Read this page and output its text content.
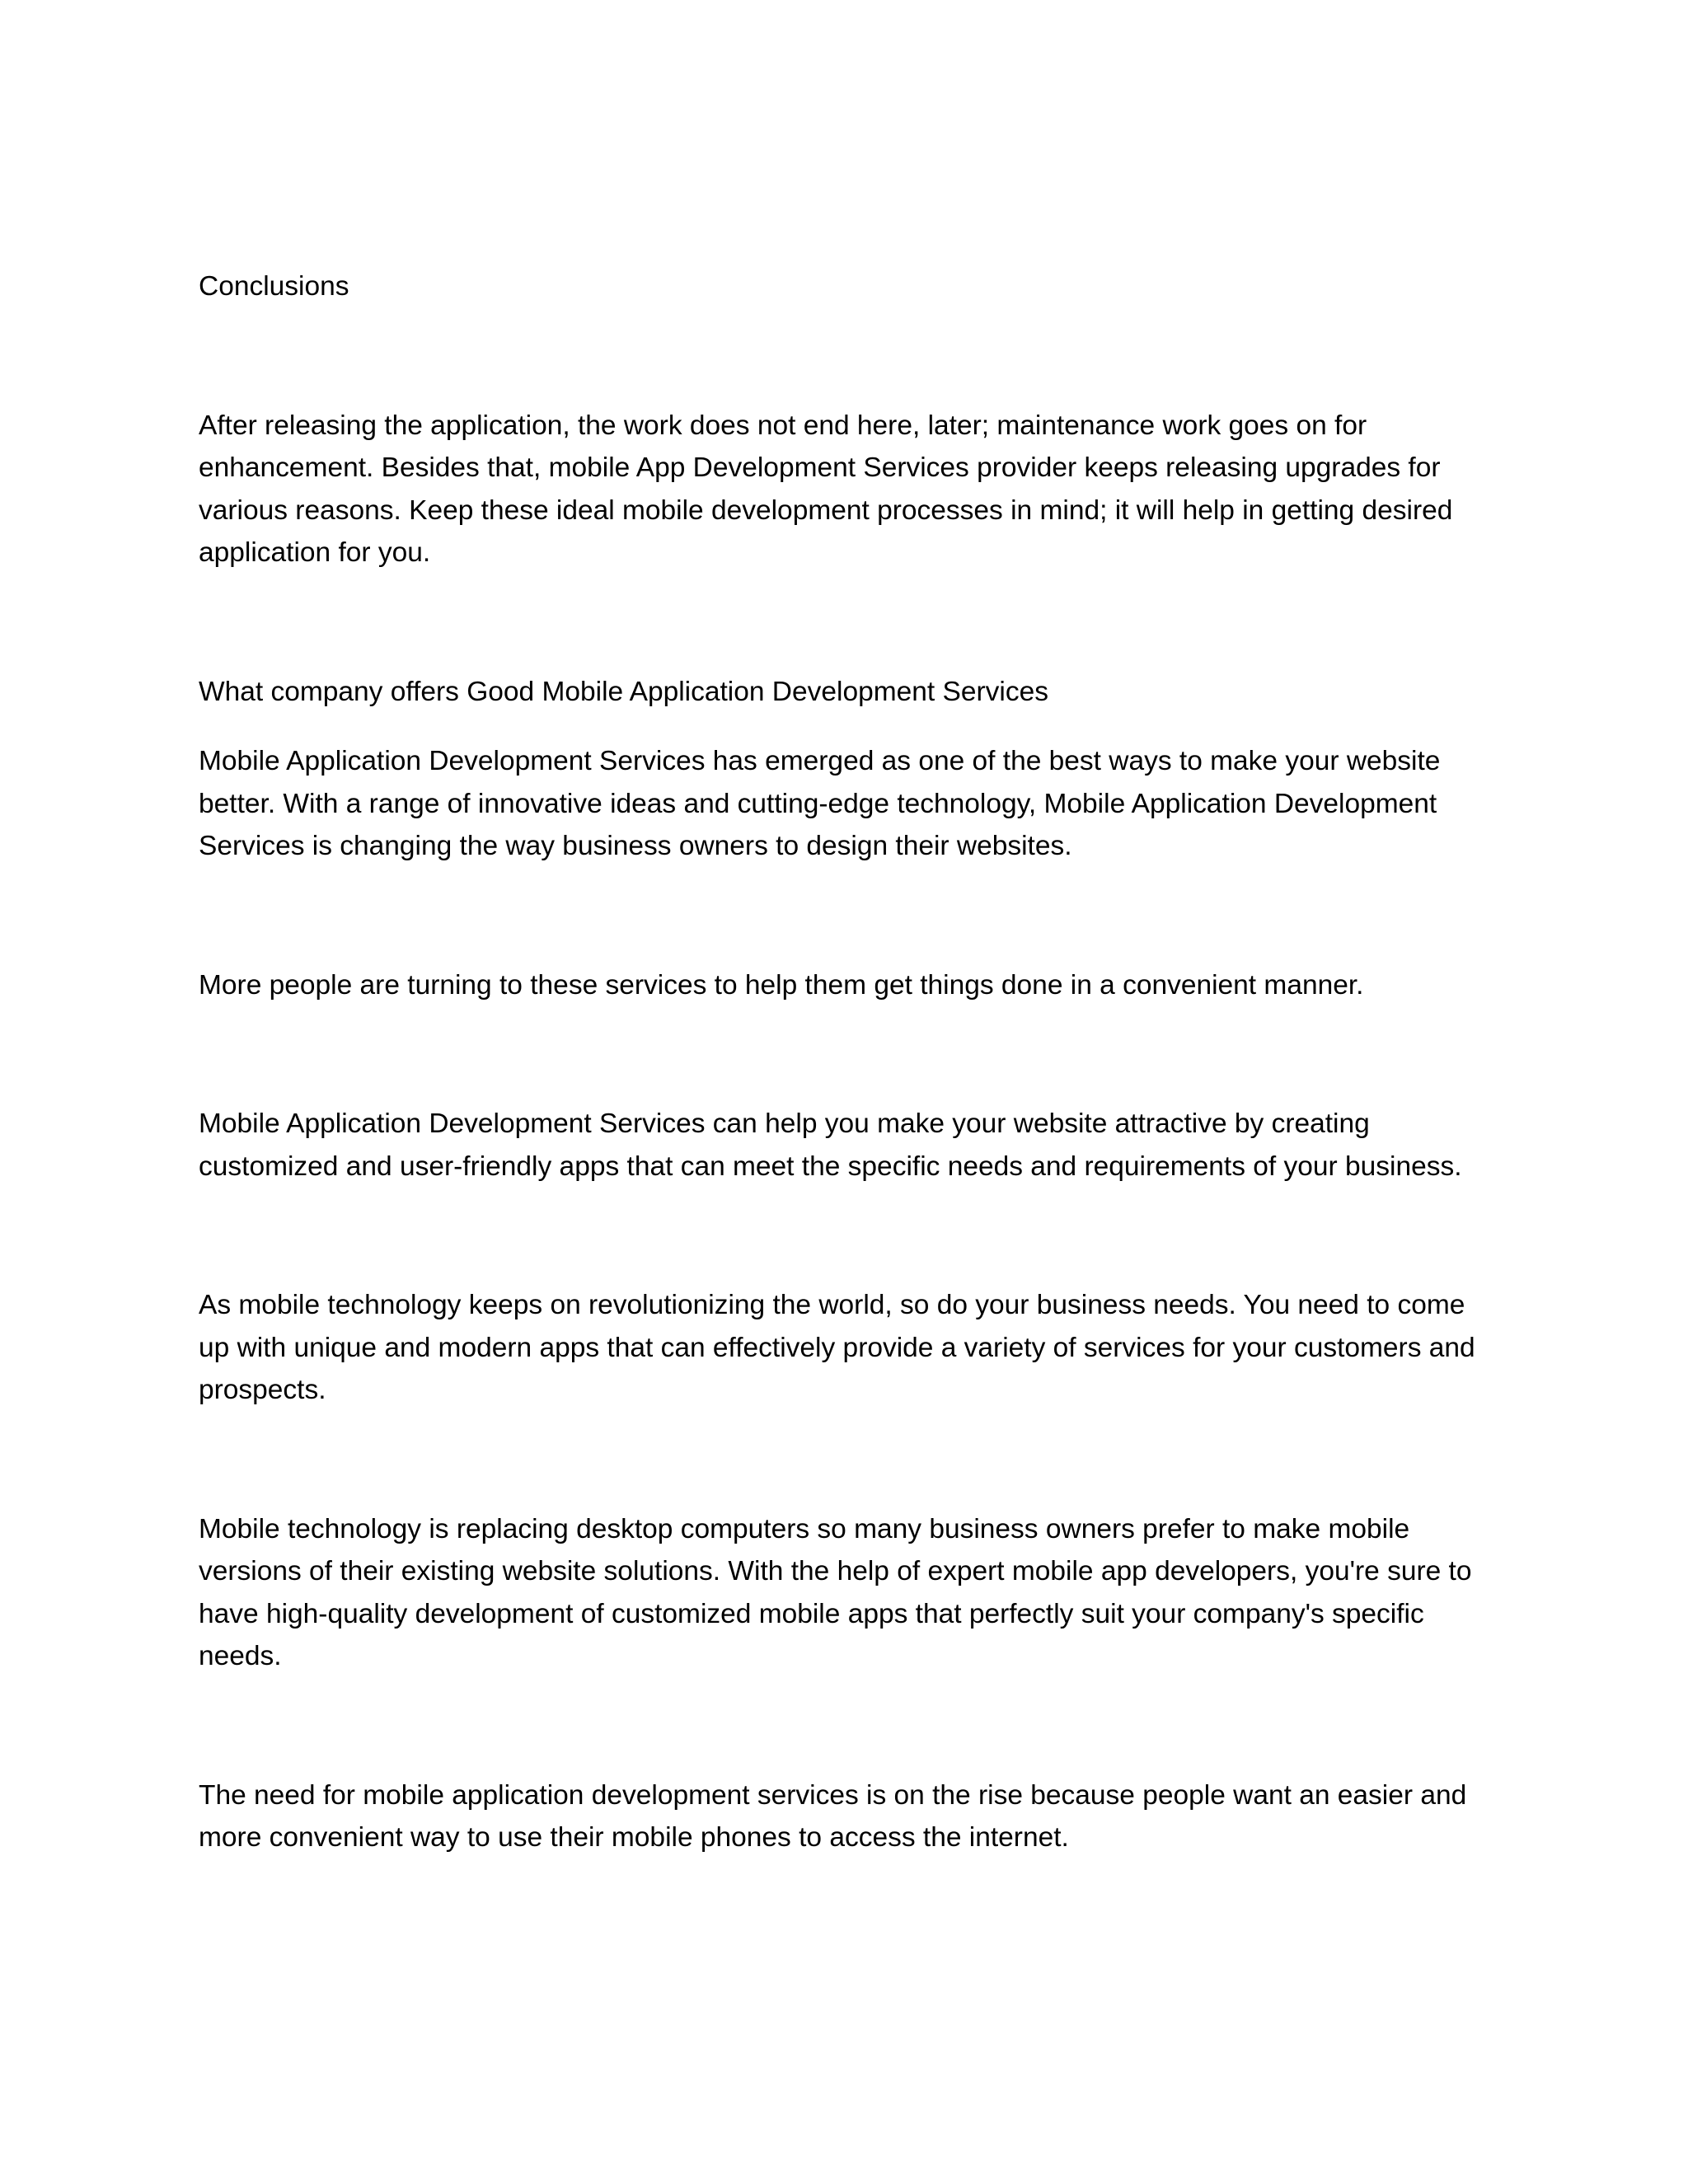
Conclusions

After releasing the application, the work does not end here, later; maintenance work goes on for enhancement. Besides that, mobile App Development Services provider keeps releasing upgrades for various reasons. Keep these ideal mobile development processes in mind; it will help in getting desired application for you.

What company offers Good Mobile Application Development Services

Mobile Application Development Services has emerged as one of the best ways to make your website better. With a range of innovative ideas and cutting-edge technology, Mobile Application Development Services is changing the way business owners to design their websites.

More people are turning to these services to help them get things done in a convenient manner.

Mobile Application Development Services can help you make your website attractive by creating customized and user-friendly apps that can meet the specific needs and requirements of your business.

As mobile technology keeps on revolutionizing the world, so do your business needs. You need to come up with unique and modern apps that can effectively provide a variety of services for your customers and prospects.

Mobile technology is replacing desktop computers so many business owners prefer to make mobile versions of their existing website solutions. With the help of expert mobile app developers, you're sure to have high-quality development of customized mobile apps that perfectly suit your company's specific needs.

The need for mobile application development services is on the rise because people want an easier and more convenient way to use their mobile phones to access the internet.
